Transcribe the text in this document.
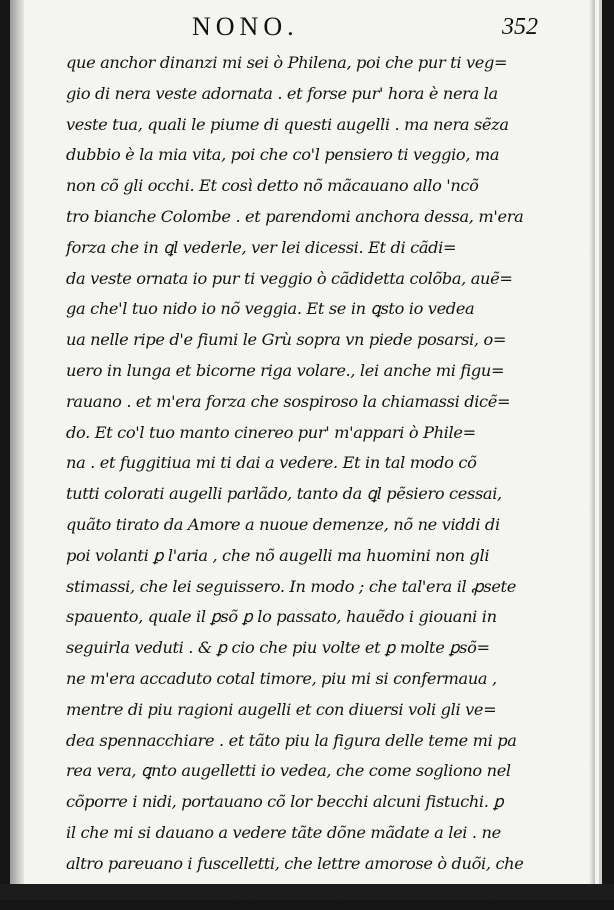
NONO.	352
que anchor dinanzi mi sei ò Philena, poi che pur ti veg=
gio di nera veste adornata . et forse pur' hora è nera la
veste tua, quali le piume di questi augelli . ma nera sẽza
dubbio è la mia vita, poi che co'l pensiero ti veggio, ma
non cõ gli occhi. Et così detto nõ mãcauano allo 'ncõ
tro bianche Colombe . et parendomi anchora dessa, m'era
forza che in ꝗl vederle, ver lei dicessi. Et di cãdi=
da veste ornata io pur ti veggio ò cãdidetta colõba, auẽ=
ga che'l tuo nido io nõ veggia. Et se in ꝗsto io vedea
ua nelle ripe d'e fiumi le Grù sopra vn piede posarsi, o=
uero in lunga et bicorne riga volare., lei anche mi figu=
rauano . et m'era forza che sospiroso la chiamassi dicẽ=
do. Et co'l tuo manto cinereo pur' m'appari ò Phile=
na . et fuggitiua mi ti dai a vedere. Et in tal modo cõ
tutti colorati augelli parlãdo, tanto da ꝗl pẽsiero cessai,
quãto tirato da Amore a nuoue demenze, nõ ne viddi di
poi volanti ꝑ l'aria , che nõ augelli ma huomini non gli
stimassi, che lei seguissero. In modo ; che tal'era il ꝓsete
spauento, quale il ꝑsõ ꝑ lo passato, hauẽdo i giouani in
seguirla veduti . & ꝑ cio che piu volte et ꝑ molte ꝑsõ=
ne m'era accaduto cotal timore, piu mi si confermaua ,
mentre di piu ragioni augelli et con diuersi voli gli ve=
dea spennacchiare . et tãto piu la figura delle teme mi pa
rea vera, ꝗnto augelletti io vedea, che come sogliono nel
cõporre i nidi, portauano cõ lor becchi alcuni fistuchi. ꝑ
il che mi si dauano a vedere tãte dõne mãdate a lei . ne
altro pareuano i fuscelletti, che lettre amorose ò duõi, che
